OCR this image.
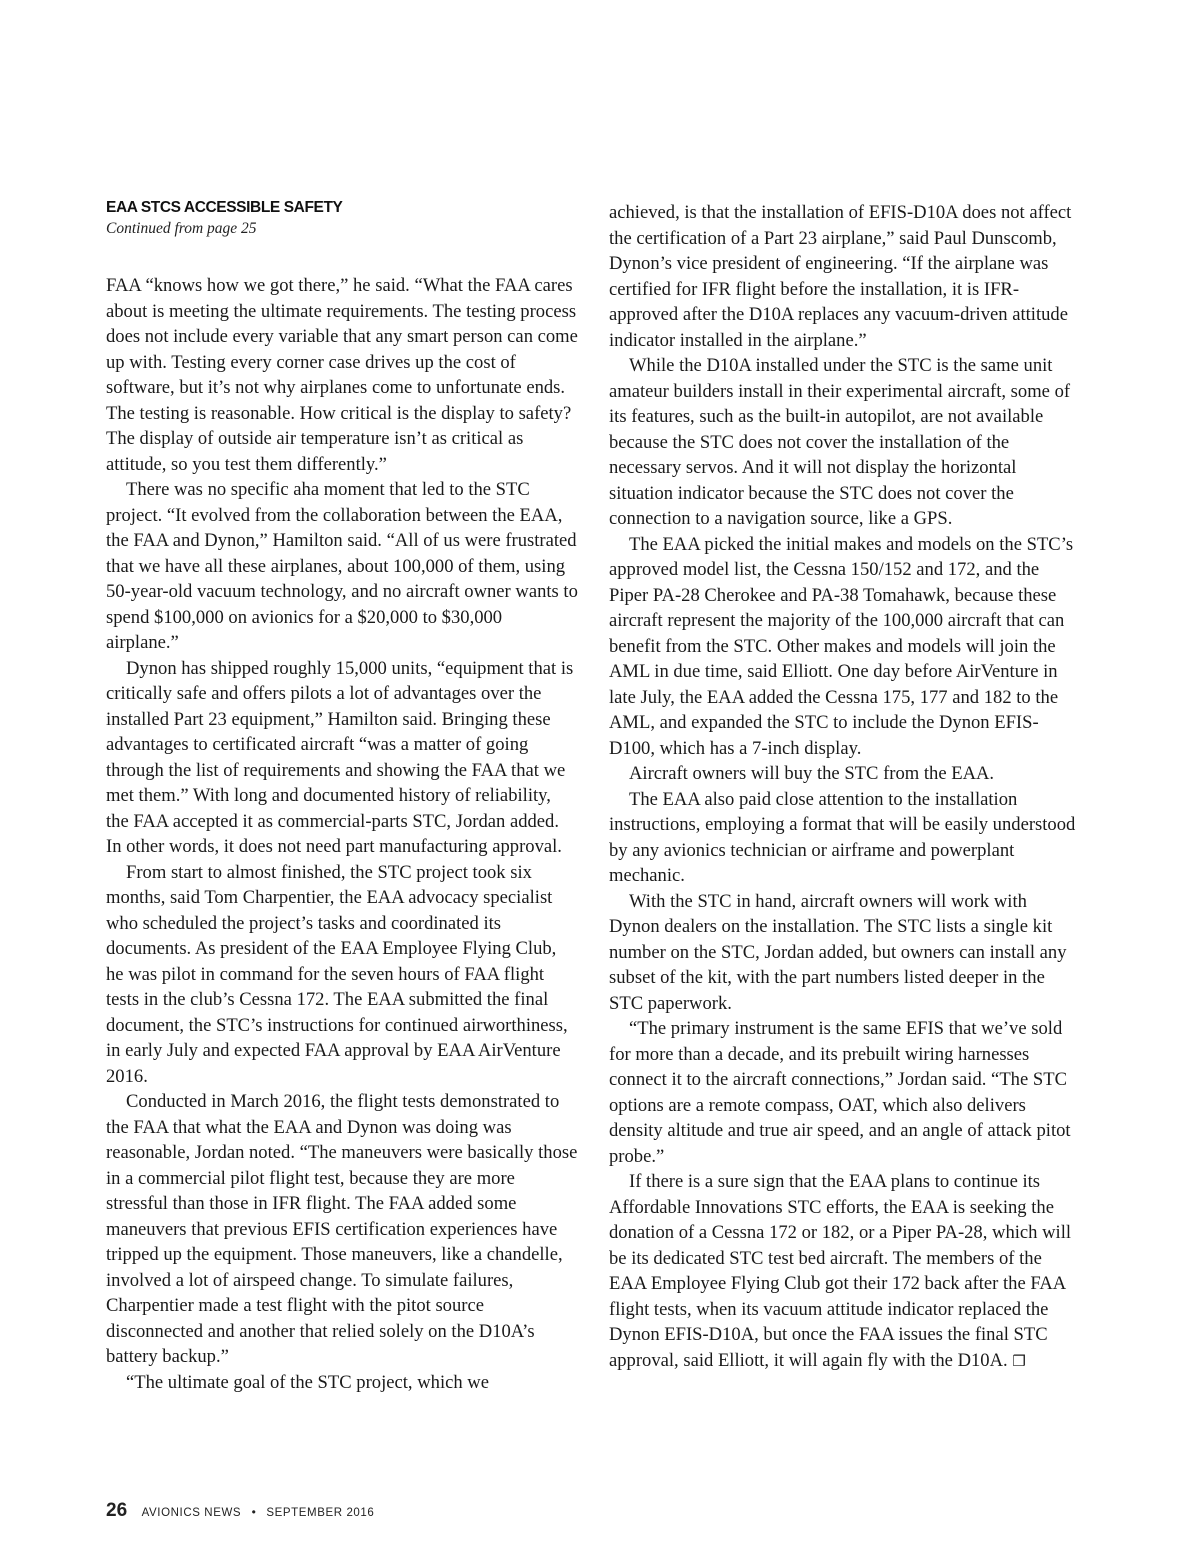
EAA STCS ACCESSIBLE SAFETY
Continued from page 25

FAA “knows how we got there,” he said. “What the FAA cares about is meeting the ultimate requirements. The testing process does not include every variable that any smart person can come up with. Testing every corner case drives up the cost of software, but it’s not why airplanes come to unfortunate ends. The testing is reasonable. How critical is the display to safety? The display of outside air temperature isn’t as critical as attitude, so you test them differently.”

There was no specific aha moment that led to the STC project. “It evolved from the collaboration between the EAA, the FAA and Dynon,” Hamilton said. “All of us were frustrated that we have all these airplanes, about 100,000 of them, using 50-year-old vacuum technology, and no aircraft owner wants to spend $100,000 on avionics for a $20,000 to $30,000 airplane.”

Dynon has shipped roughly 15,000 units, “equipment that is critically safe and offers pilots a lot of advantages over the installed Part 23 equipment,” Hamilton said. Bringing these advantages to certificated aircraft “was a matter of going through the list of requirements and showing the FAA that we met them.” With long and documented history of reliability, the FAA accepted it as commercial-parts STC, Jordan added. In other words, it does not need part manufacturing approval.

From start to almost finished, the STC project took six months, said Tom Charpentier, the EAA advocacy specialist who scheduled the project’s tasks and coordinated its documents. As president of the EAA Employee Flying Club, he was pilot in command for the seven hours of FAA flight tests in the club’s Cessna 172. The EAA submitted the final document, the STC’s instructions for continued airworthiness, in early July and expected FAA approval by EAA AirVenture 2016.

Conducted in March 2016, the flight tests demonstrated to the FAA that what the EAA and Dynon was doing was reasonable, Jordan noted. “The maneuvers were basically those in a commercial pilot flight test, because they are more stressful than those in IFR flight. The FAA added some maneuvers that previous EFIS certification experiences have tripped up the equipment. Those maneuvers, like a chandelle, involved a lot of airspeed change. To simulate failures, Charpentier made a test flight with the pitot source disconnected and another that relied solely on the D10A’s battery backup.”

“The ultimate goal of the STC project, which we

achieved, is that the installation of EFIS-D10A does not affect the certification of a Part 23 airplane,” said Paul Dunscomb, Dynon’s vice president of engineering. “If the airplane was certified for IFR flight before the installation, it is IFR-approved after the D10A replaces any vacuum-driven attitude indicator installed in the airplane.”

While the D10A installed under the STC is the same unit amateur builders install in their experimental aircraft, some of its features, such as the built-in autopilot, are not available because the STC does not cover the installation of the necessary servos. And it will not display the horizontal situation indicator because the STC does not cover the connection to a navigation source, like a GPS.

The EAA picked the initial makes and models on the STC’s approved model list, the Cessna 150/152 and 172, and the Piper PA-28 Cherokee and PA-38 Tomahawk, because these aircraft represent the majority of the 100,000 aircraft that can benefit from the STC. Other makes and models will join the AML in due time, said Elliott. One day before AirVenture in late July, the EAA added the Cessna 175, 177 and 182 to the AML, and expanded the STC to include the Dynon EFIS-D100, which has a 7-inch display.

Aircraft owners will buy the STC from the EAA.

The EAA also paid close attention to the installation instructions, employing a format that will be easily understood by any avionics technician or airframe and powerplant mechanic.

With the STC in hand, aircraft owners will work with Dynon dealers on the installation. The STC lists a single kit number on the STC, Jordan added, but owners can install any subset of the kit, with the part numbers listed deeper in the STC paperwork.

“The primary instrument is the same EFIS that we’ve sold for more than a decade, and its prebuilt wiring harnesses connect it to the aircraft connections,” Jordan said. “The STC options are a remote compass, OAT, which also delivers density altitude and true air speed, and an angle of attack pitot probe.”

If there is a sure sign that the EAA plans to continue its Affordable Innovations STC efforts, the EAA is seeking the donation of a Cessna 172 or 182, or a Piper PA-28, which will be its dedicated STC test bed aircraft. The members of the EAA Employee Flying Club got their 172 back after the FAA flight tests, when its vacuum attitude indicator replaced the Dynon EFIS-D10A, but once the FAA issues the final STC approval, said Elliott, it will again fly with the D10A. ❒

26 AVIONICS NEWS • SEPTEMBER 2016
